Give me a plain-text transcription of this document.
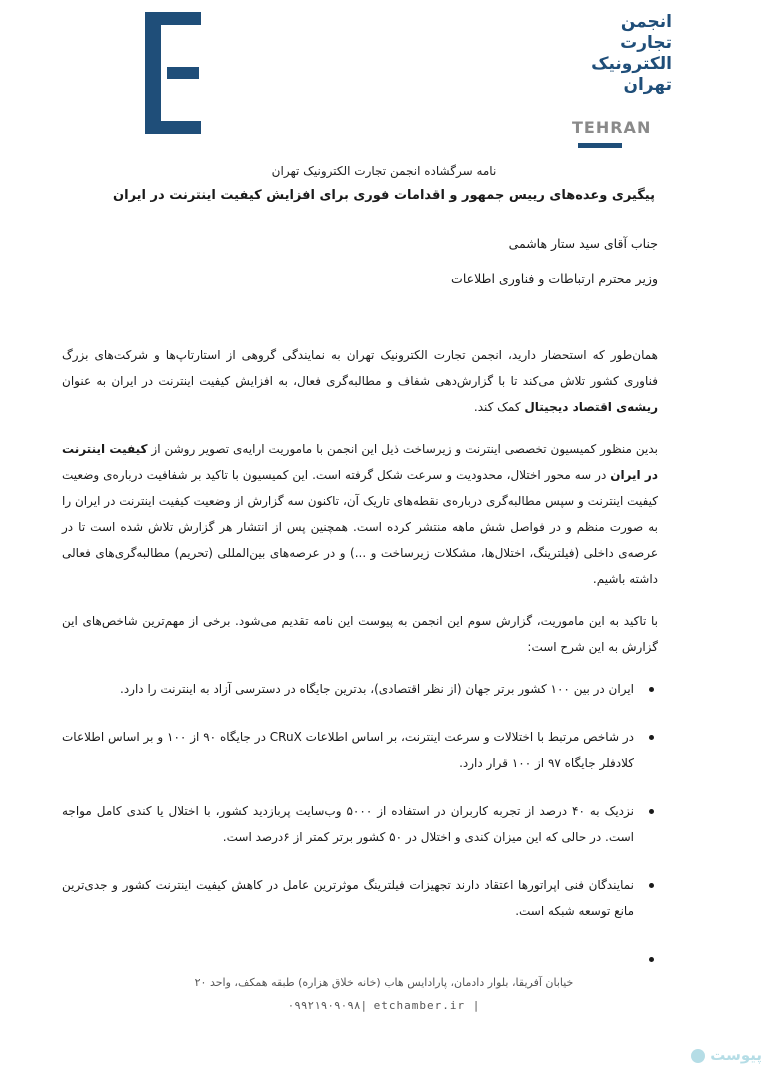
انجمن
تجارت
الکترونیک
تهران
TEHRAN
نامه سرگشاده انجمن تجارت الکترونیک تهران
پیگیری وعده‌های رییس جمهور و اقدامات فوری برای افزایش کیفیت اینترنت در ایران
جناب آقای سید ستار هاشمی
وزیر محترم ارتباطات و فناوری اطلاعات

همان‌طور که استحضار دارید، انجمن تجارت الکترونیک تهران به نمایندگی گروهی از استارتاپ‌ها و شرکت‌های بزرگ فناوری کشور تلاش می‌کند تا با گزارش‌دهی شفاف و مطالبه‌گری فعال، به افزایش کیفیت اینترنت در ایران به عنوان ریشه‌ی اقتصاد دیجیتال کمک کند.

بدین منظور کمیسیون تخصصی اینترنت و زیرساخت ذیل این انجمن با ماموریت ارایه‌ی تصویر روشن از کیفیت اینترنت در ایران در سه محور اختلال، محدودیت و سرعت شکل گرفته است. این کمیسیون با تاکید بر شفافیت درباره‌ی وضعیت کیفیت اینترنت و سپس مطالبه‌گری درباره‌ی نقطه‌های تاریک آن، تاکنون سه گزارش از وضعیت کیفیت اینترنت در ایران را به صورت منظم و در فواصل شش ماهه منتشر کرده است. همچنین پس از انتشار هر گزارش تلاش شده است تا در عرصه‌ی داخلی (فیلترینگ، اختلال‌ها، مشکلات زیرساخت و ...) و در عرصه‌های بین‌المللی (تحریم) مطالبه‌گری‌های فعالی داشته باشیم.

با تاکید به این ماموریت، گزارش سوم این انجمن به پیوست این نامه تقدیم می‌شود. برخی از مهم‌ترین شاخص‌های این گزارش به این شرح است:

ایران در بین ۱۰۰ کشور برتر جهان (از نظر اقتصادی)، بدترین جایگاه در دسترسی آزاد به اینترنت را دارد.
در شاخص مرتبط با اختلالات و سرعت اینترنت، بر اساس اطلاعات CRuX در جایگاه ۹۰ از ۱۰۰ و بر اساس اطلاعات کلادفلر جایگاه ۹۷ از ۱۰۰ قرار دارد.
نزدیک به ۴۰ درصد از تجربه کاربران در استفاده از ۵۰۰۰ وب‌سایت پربازدید کشور، با اختلال یا کندی کامل مواجه است. در حالی که این میزان کندی و اختلال در ۵۰ کشور برتر کمتر از ۶درصد است.
نمایندگان فنی اپراتورها اعتقاد دارند تجهیزات فیلترینگ موثرترین عامل در کاهش کیفیت اینترنت کشور و جدی‌ترین مانع توسعه شبکه است.
خیابان آفریقا، بلوار دادمان، پارادایس هاب (خانه خلاق هزاره) طبقه همکف، واحد ۲۰
۰۹۹۲۱۹۰۹۰۹۸| etchamber.ir |
پیوست
